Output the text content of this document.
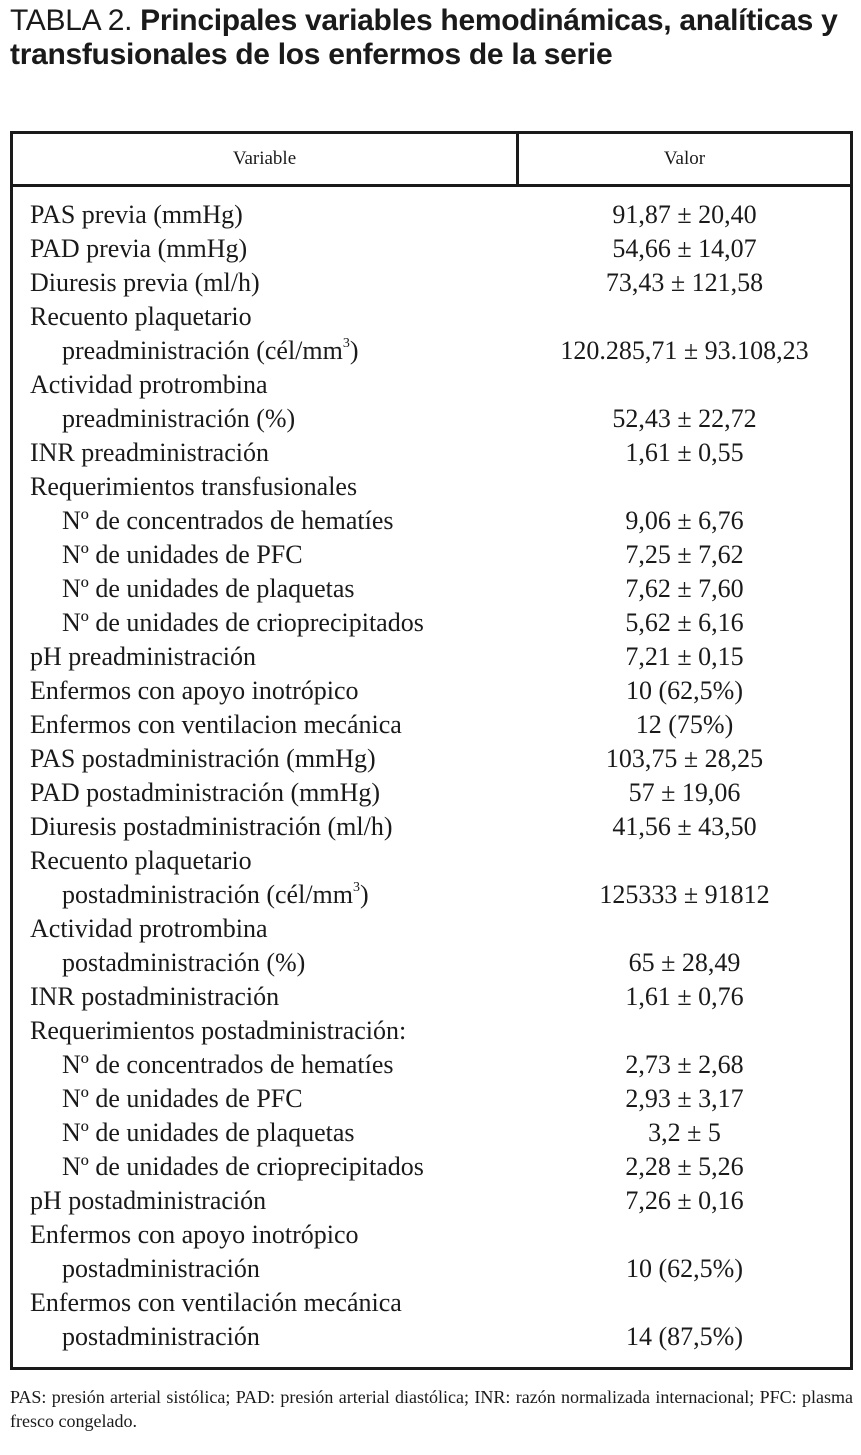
TABLA 2. Principales variables hemodinámicas, analíticas y transfusionales de los enfermos de la serie
Variable	Valor
PAS previa (mmHg)	91,87 ± 20,40
PAD previa (mmHg)	54,66 ± 14,07
Diuresis previa (ml/h)	73,43 ± 121,58
Recuento plaquetario
preadministración $(cél/mm^3)$	120.285,71 ± 93.108,23
Actividad protrombina
preadministración (%)	52,43 ± 22,72
INR preadministración	1,61 ± 0,55
Requerimientos transfusionales
Nº de concentrados de hematíes	9,06 ± 6,76
Nº de unidades de PFC	7,25 ± 7,62
Nº de unidades de plaquetas	7,62 ± 7,60
Nº de unidades de crioprecipitados	5,62 ± 6,16
pH preadministración	7,21 ± 0,15
Enfermos con apoyo inotrópico	10 (62,5%)
Enfermos con ventilacion mecánica	12 (75%)
PAS postadministración (mmHg)	103,75 ± 28,25
PAD postadministración (mmHg)	57 ± 19,06
Diuresis postadministración (ml/h)	41,56 ± 43,50
Recuento plaquetario
postadministración $(cél/mm^3)$	125333 ± 91812
Actividad protrombina
postadministración (%)	65 ± 28,49
INR postadministración	1,61 ± 0,76
Requerimientos postadministración:
Nº de concentrados de hematíes	2,73 ± 2,68
Nº de unidades de PFC	2,93 ± 3,17
Nº de unidades de plaquetas	3,2 ± 5
Nº de unidades de crioprecipitados	2,28 ± 5,26
pH postadministración	7,26 ± 0,16
Enfermos con apoyo inotrópico
postadministración	10 (62,5%)
Enfermos con ventilación mecánica
postadministración	14 (87,5%)
PAS: presión arterial sistólica; PAD: presión arterial diastólica; INR: razón normalizada internacional; PFC: plasma fresco congelado.
